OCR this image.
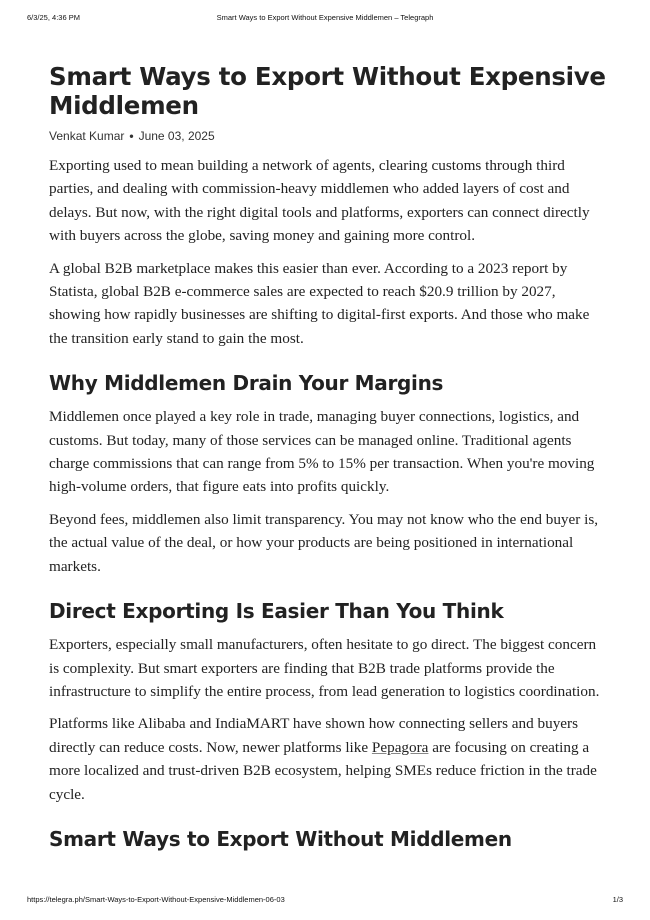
6/3/25, 4:36 PM	Smart Ways to Export Without Expensive Middlemen – Telegraph
Smart Ways to Export Without Expensive Middlemen
Venkat Kumar • June 03, 2025

Exporting used to mean building a network of agents, clearing customs through third parties, and dealing with commission-heavy middlemen who added layers of cost and delays. But now, with the right digital tools and platforms, exporters can connect directly with buyers across the globe, saving money and gaining more control.

A global B2B marketplace makes this easier than ever. According to a 2023 report by Statista, global B2B e-commerce sales are expected to reach $20.9 trillion by 2027, showing how rapidly businesses are shifting to digital-first exports. And those who make the transition early stand to gain the most.

Why Middlemen Drain Your Margins

Middlemen once played a key role in trade, managing buyer connections, logistics, and customs. But today, many of those services can be managed online. Traditional agents charge commissions that can range from 5% to 15% per transaction. When you're moving high-volume orders, that figure eats into profits quickly.

Beyond fees, middlemen also limit transparency. You may not know who the end buyer is, the actual value of the deal, or how your products are being positioned in international markets.

Direct Exporting Is Easier Than You Think

Exporters, especially small manufacturers, often hesitate to go direct. The biggest concern is complexity. But smart exporters are finding that B2B trade platforms provide the infrastructure to simplify the entire process, from lead generation to logistics coordination.

Platforms like Alibaba and IndiaMART have shown how connecting sellers and buyers directly can reduce costs. Now, newer platforms like Pepagora are focusing on creating a more localized and trust-driven B2B ecosystem, helping SMEs reduce friction in the trade cycle.

Smart Ways to Export Without Middlemen
https://telegra.ph/Smart-Ways-to-Export-Without-Expensive-Middlemen-06-03	1/3
